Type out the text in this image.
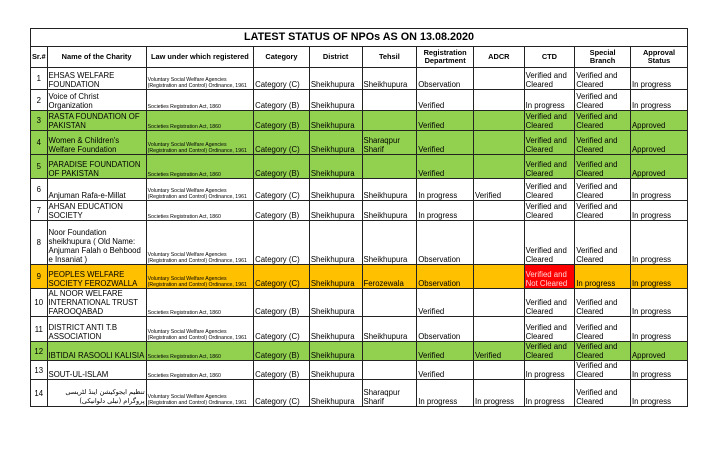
LATEST STATUS OF NPOs AS ON 13.08.2020										
Sr.#	Name of the Charity	Law under which registered	Category	District	Tehsil	Registration Department	ADCR	CTD	Special Branch	Approval Status
1	EHSAS WELFARE FOUNDATION	Voluntary Social Welfare Agencies (Registration and Control) Ordinance, 1961	Category (C)	Sheikhupura	Sheikhupura	Observation		Verified and Cleared	Verified and Cleared	In progress
2	Voice of Christ Organization	Societies Registration Act, 1860	Category (B)	Sheikhupura		Verified		In progress	Verified and Cleared	In progress
3	RASTA FOUNDATION OF PAKISTAN	Societies Registration Act, 1860	Category (B)	Sheikhupura		Verified		Verified and Cleared	Verified and Cleared	Approved
4	Women & Children's Welfare Foundation	Voluntary Social Welfare Agencies (Registration and Control) Ordinance, 1961	Category (C)	Sheikhupura	Sharaqpur Sharif	Verified		Verified and Cleared	Verified and Cleared	Approved
5	PARADISE FOUNDATION OF PAKISTAN	Societies Registration Act, 1860	Category (B)	Sheikhupura		Verified		Verified and Cleared	Verified and Cleared	Approved
6	Anjuman Rafa-e-Millat	Voluntary Social Welfare Agencies (Registration and Control) Ordinance, 1961	Category (C)	Sheikhupura	Sheikhupura	In progress	Verified	Verified and Cleared	Verified and Cleared	In progress
7	AHSAN EDUCATION SOCIETY	Societies Registration Act, 1860	Category (B)	Sheikhupura	Sheikhupura	In progress		Verified and Cleared	Verified and Cleared	In progress
8	Noor Foundation sheikhupura ( Old Name: Anjuman Falah o Behbood e Insaniat )	Voluntary Social Welfare Agencies (Registration and Control) Ordinance, 1961	Category (C)	Sheikhupura	Sheikhupura	Observation		Verified and Cleared	Verified and Cleared	In progress
9	PEOPLES WELFARE SOCIETY FEROZWALLA	Voluntary Social Welfare Agencies (Registration and Control) Ordinance, 1961	Category (C)	Sheikhupura	Ferozewala	Observation		Verified and Not Cleared	In progress	In progress
10	AL NOOR WELFARE INTERNATIONAL TRUST FAROOQABAD	Societies Registration Act, 1860	Category (B)	Sheikhupura		Verified		Verified and Cleared	Verified and Cleared	In progress
11	DISTRICT ANTI T.B ASSOCIATION	Voluntary Social Welfare Agencies (Registration and Control) Ordinance, 1961	Category (C)	Sheikhupura	Sheikhupura	Observation		Verified and Cleared	Verified and Cleared	In progress
12	IBTIDAI RASOOLI KALISIA	Societies Registration Act, 1860	Category (B)	Sheikhupura		Verified	Verified	Verified and Cleared	Verified and Cleared	Approved
13	SOUT-UL-ISLAM	Societies Registration Act, 1860	Category (B)	Sheikhupura		Verified		In progress	Verified and Cleared	In progress
14	تنظیم ایجوکیشن اینڈ لٹریسی پروگرام (نیلی دلوانیکی)	Voluntary Social Welfare Agencies (Registration and Control) Ordinance, 1961	Category (C)	Sheikhupura	Sharaqpur Sharif	In progress	In progress	In progress	Verified and Cleared	In progress
